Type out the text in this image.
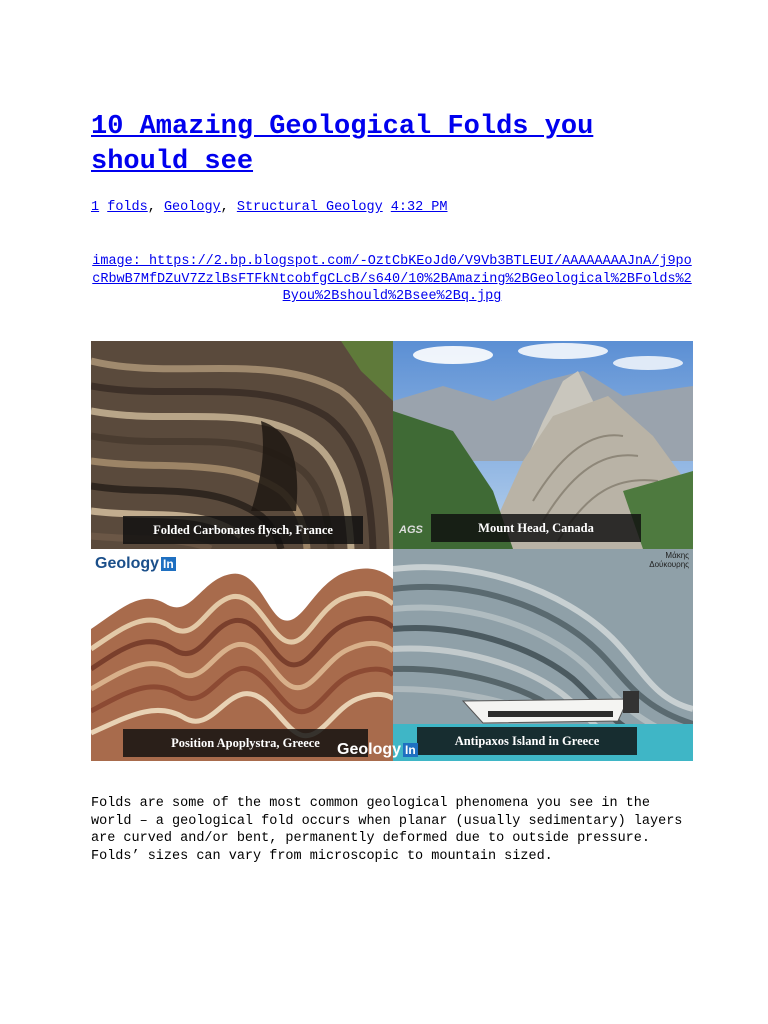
10 Amazing Geological Folds you should see
1 folds, Geology, Structural Geology 4:32 PM
image: https://2.bp.blogspot.com/-OztCbKEoJd0/V9Vb3BTLEUI/AAAAAAAAJnA/j9pocRbwB7MfDZuV7ZzlBsFTFkNtcobfgCLcB/s640/10%2BAmazing%2BGeological%2BFolds%2Byou%2Bshould%2Bsee%2Bq.jpg
Folded Carbonates flysch, France	Mount Head, Canada
AGS
Geology In
Position Apoplystra, Greece
Μάκης Δούκουρης
Antipaxos Island in Greece
Geology In

Folds are some of the most common geological phenomena you see in the world – a geological fold occurs when planar (usually sedimentary) layers are curved and/or bent, permanently deformed due to outside pressure. Folds’ sizes can vary from microscopic to mountain sized.
